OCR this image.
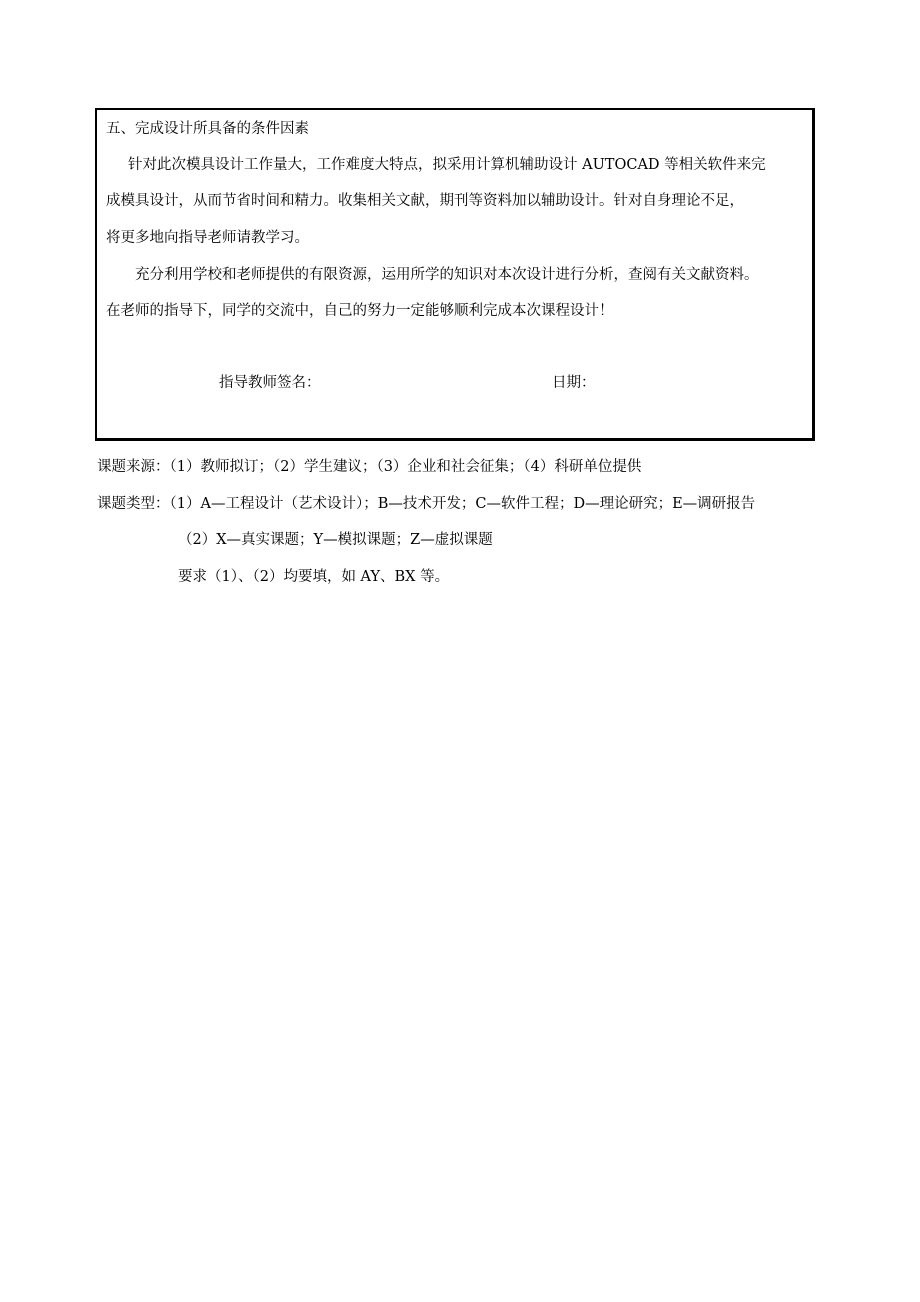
五、完成设计所具备的条件因素
针对此次模具设计工作量大，工作难度大特点，拟采用计算机辅助设计 AUTOCAD 等相关软件来完
成模具设计，从而节省时间和精力。收集相关文献，期刊等资料加以辅助设计。针对自身理论不足，
将更多地向指导老师请教学习。
充分利用学校和老师提供的有限资源，运用所学的知识对本次设计进行分析，查阅有关文献资料。
在老师的指导下，同学的交流中，自己的努力一定能够顺利完成本次课程设计！
指导教师签名：	日期：
课题来源：（1）教师拟订；（2）学生建议；（3）企业和社会征集；（4）科研单位提供
课题类型：（1）A—工程设计（艺术设计）；B—技术开发；C—软件工程；D—理论研究；E—调研报告
（2）X—真实课题；Y—模拟课题；Z—虚拟课题
要求（1）、（2）均要填，如 AY、BX 等。
